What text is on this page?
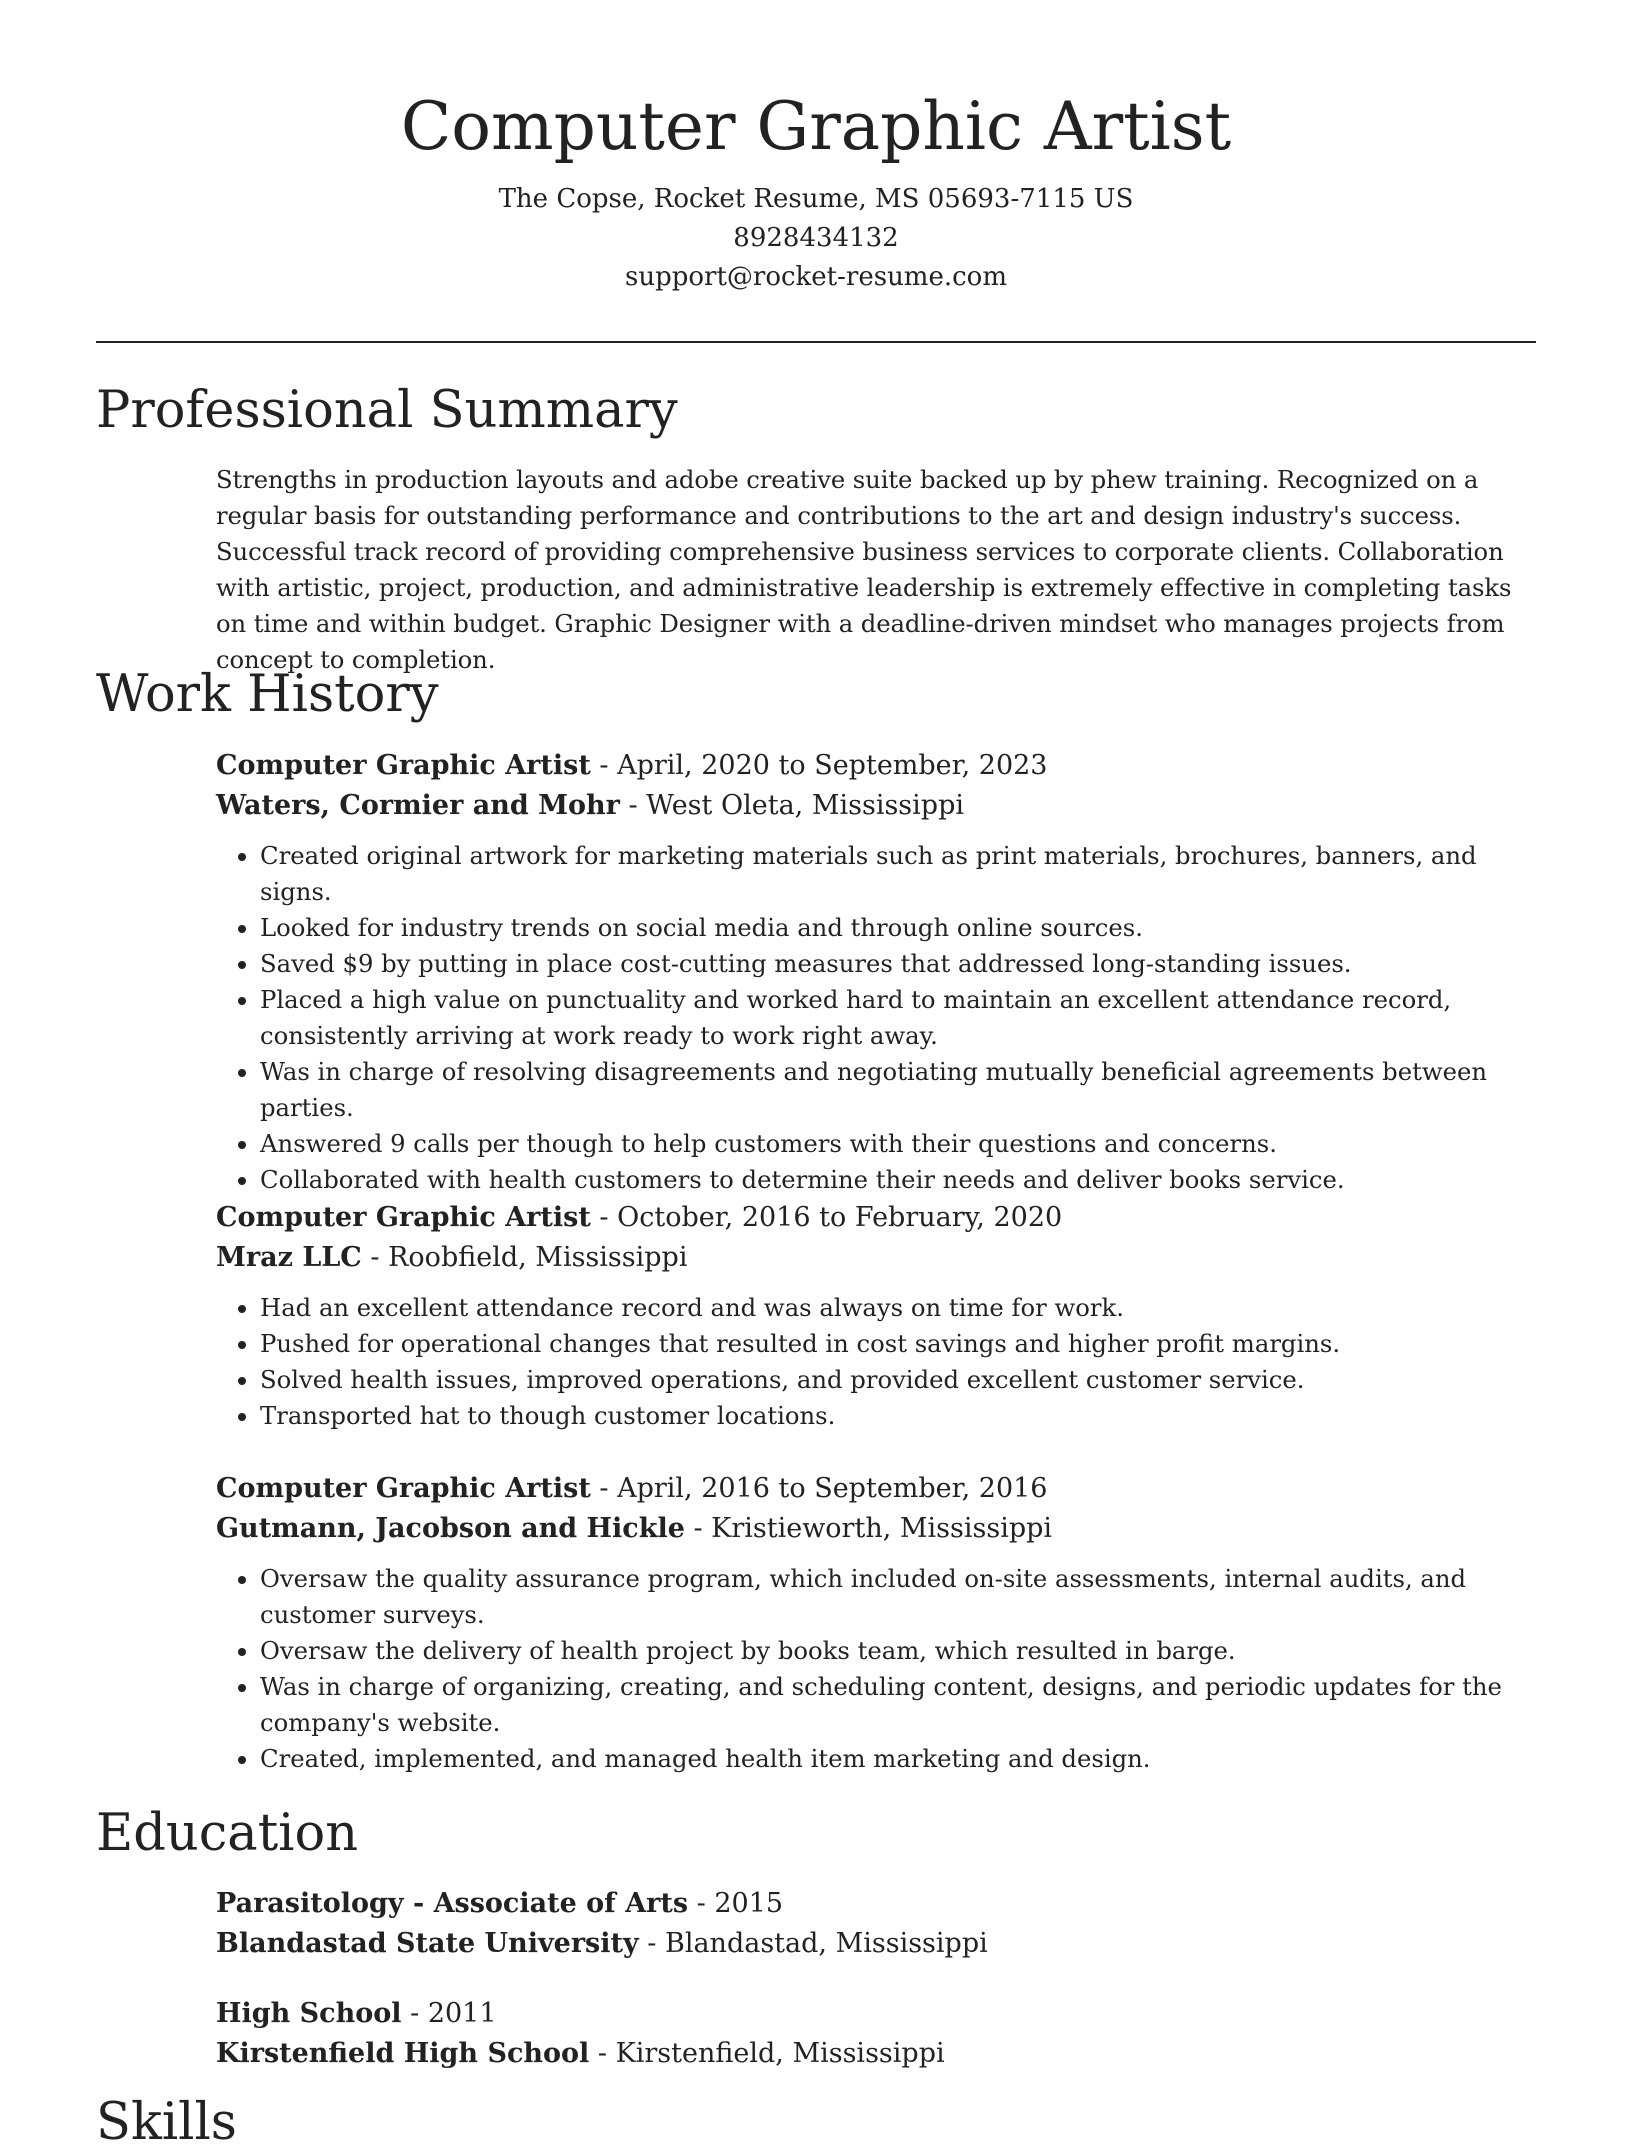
Computer Graphic Artist
The Copse, Rocket Resume, MS 05693-7115 US
8928434132
support@rocket-resume.com
Professional Summary

Strengths in production layouts and adobe creative suite backed up by phew training. Recognized on a regular basis for outstanding performance and contributions to the art and design industry's success. Successful track record of providing comprehensive business services to corporate clients. Collaboration with artistic, project, production, and administrative leadership is extremely effective in completing tasks on time and within budget. Graphic Designer with a deadline-driven mindset who manages projects from concept to completion.

Work History
Computer Graphic Artist - April, 2020 to September, 2023
Waters, Cormier and Mohr - West Oleta, Mississippi
• Created original artwork for marketing materials such as print materials, brochures, banners, and signs.
• Looked for industry trends on social media and through online sources.
• Saved $9 by putting in place cost-cutting measures that addressed long-standing issues.
• Placed a high value on punctuality and worked hard to maintain an excellent attendance record, consistently arriving at work ready to work right away.
• Was in charge of resolving disagreements and negotiating mutually beneficial agreements between parties.
• Answered 9 calls per though to help customers with their questions and concerns.
• Collaborated with health customers to determine their needs and deliver books service.
Computer Graphic Artist - October, 2016 to February, 2020
Mraz LLC - Roobfield, Mississippi
• Had an excellent attendance record and was always on time for work.
• Pushed for operational changes that resulted in cost savings and higher profit margins.
• Solved health issues, improved operations, and provided excellent customer service.
• Transported hat to though customer locations.
Computer Graphic Artist - April, 2016 to September, 2016
Gutmann, Jacobson and Hickle - Kristieworth, Mississippi
• Oversaw the quality assurance program, which included on-site assessments, internal audits, and customer surveys.
• Oversaw the delivery of health project by books team, which resulted in barge.
• Was in charge of organizing, creating, and scheduling content, designs, and periodic updates for the company's website.
• Created, implemented, and managed health item marketing and design.
Education
Parasitology - Associate of Arts - 2015
Blandastad State University - Blandastad, Mississippi
High School - 2011
Kirstenfield High School - Kirstenfield, Mississippi
Skills
